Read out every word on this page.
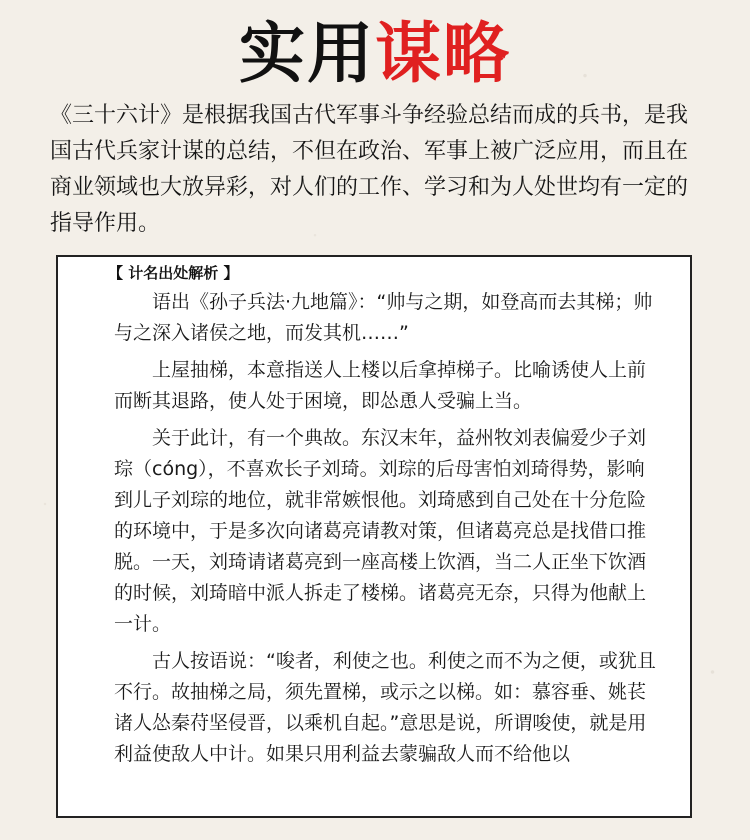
实用谋略

《三十六计》是根据我国古代军事斗争经验总结而成的兵书，是我国古代兵家计谋的总结，不但在政治、军事上被广泛应用，而且在商业领域也大放异彩，对人们的工作、学习和为人处世均有一定的指导作用。

【 计名出处解析 】

语出《孙子兵法·九地篇》：“帅与之期，如登高而去其梯；帅与之深入诸侯之地，而发其机……”

上屋抽梯，本意指送人上楼以后拿掉梯子。比喻诱使人上前而断其退路，使人处于困境，即怂恿人受骗上当。

关于此计，有一个典故。东汉末年，益州牧刘表偏爱少子刘琮（cóng），不喜欢长子刘琦。刘琮的后母害怕刘琦得势，影响到儿子刘琮的地位，就非常嫉恨他。刘琦感到自己处在十分危险的环境中，于是多次向诸葛亮请教对策，但诸葛亮总是找借口推脱。一天，刘琦请诸葛亮到一座高楼上饮酒，当二人正坐下饮酒的时候，刘琦暗中派人拆走了楼梯。诸葛亮无奈，只得为他献上一计。

古人按语说：“唆者，利使之也。利使之而不为之便，或犹且不行。故抽梯之局，须先置梯，或示之以梯。如：慕容垂、姚苌诸人怂秦苻坚侵晋，以乘机自起。”意思是说，所谓唆使，就是用利益使敌人中计。如果只用利益去蒙骗敌人而不给他以
